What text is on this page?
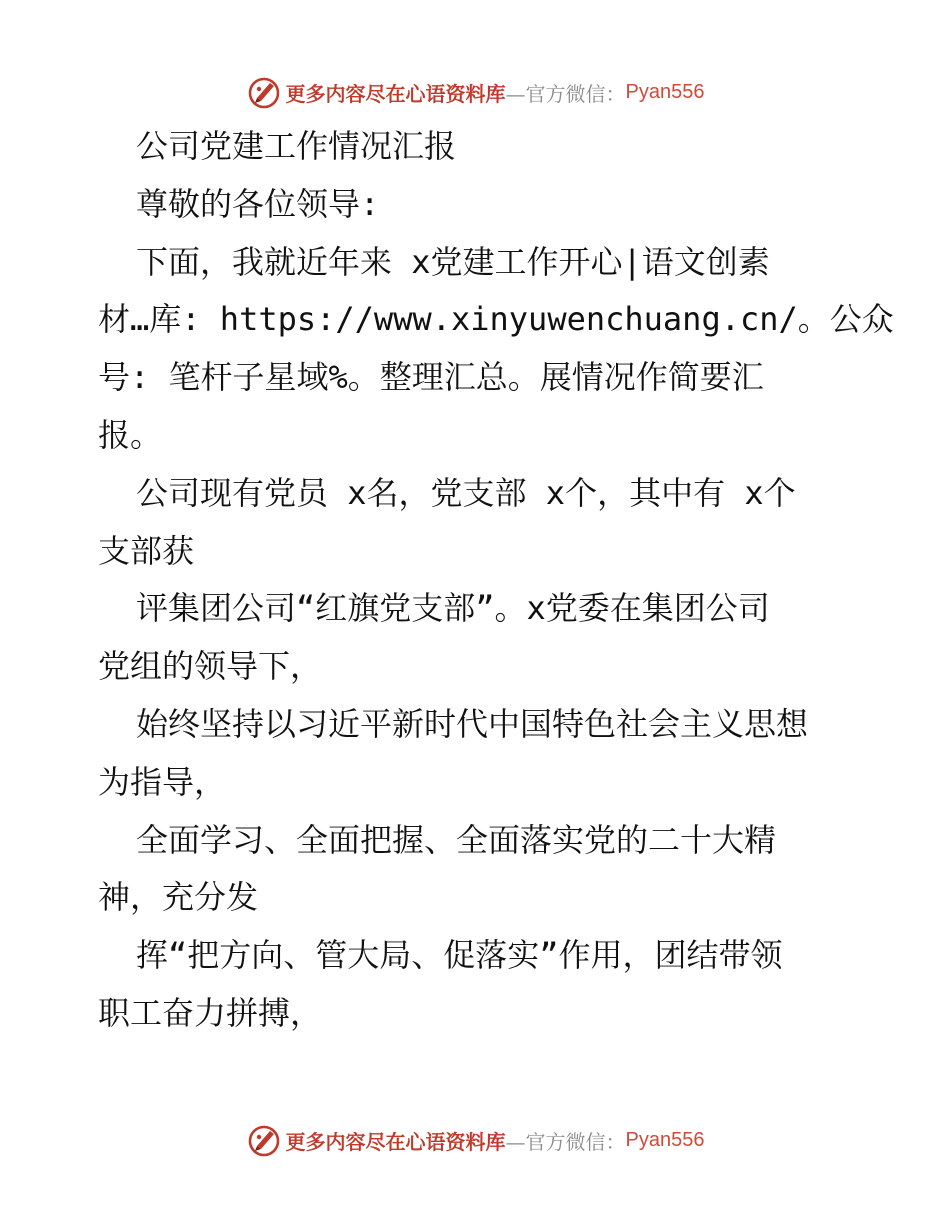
更多内容尽在心语资料库 —官方微信： Pyan556
公司党建工作情况汇报
尊敬的各位领导:
下面，我就近年来 x党建工作开心|语文创素
材…库: https://www.xinyuwenchuang.cn/。公众
号: 笔杆子星域%。整理汇总。展情况作简要汇
报。
公司现有党员 x名，党支部 x个，其中有 x个
支部获
评集团公司“红旗党支部”。x党委在集团公司
党组的领导下，
始终坚持以习近平新时代中国特色社会主义思想
为指导，
全面学习、全面把握、全面落实党的二十大精
神，充分发
挥“把方向、管大局、促落实”作用，团结带领
职工奋力拼搏，
更多内容尽在心语资料库 —官方微信： Pyan556
